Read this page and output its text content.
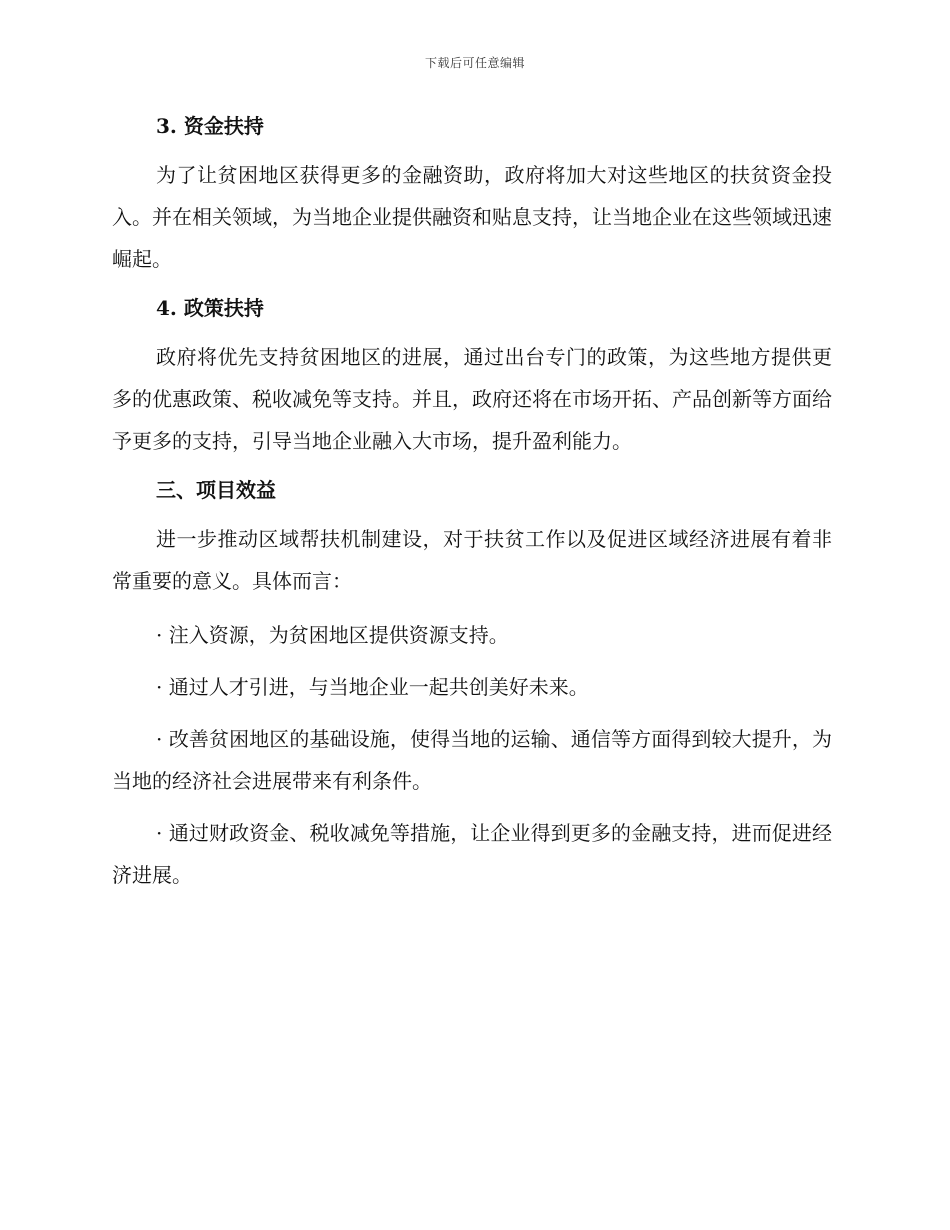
下载后可任意编辑
3. 资金扶持
为了让贫困地区获得更多的金融资助，政府将加大对这些地区的扶贫资金投入。并在相关领域，为当地企业提供融资和贴息支持，让当地企业在这些领域迅速崛起。
4. 政策扶持
政府将优先支持贫困地区的进展，通过出台专门的政策，为这些地方提供更多的优惠政策、税收减免等支持。并且，政府还将在市场开拓、产品创新等方面给予更多的支持，引导当地企业融入大市场，提升盈利能力。
三、项目效益
进一步推动区域帮扶机制建设，对于扶贫工作以及促进区域经济进展有着非常重要的意义。具体而言：
· 注入资源，为贫困地区提供资源支持。
· 通过人才引进，与当地企业一起共创美好未来。
· 改善贫困地区的基础设施，使得当地的运输、通信等方面得到较大提升，为当地的经济社会进展带来有利条件。
· 通过财政资金、税收减免等措施，让企业得到更多的金融支持，进而促进经济进展。
